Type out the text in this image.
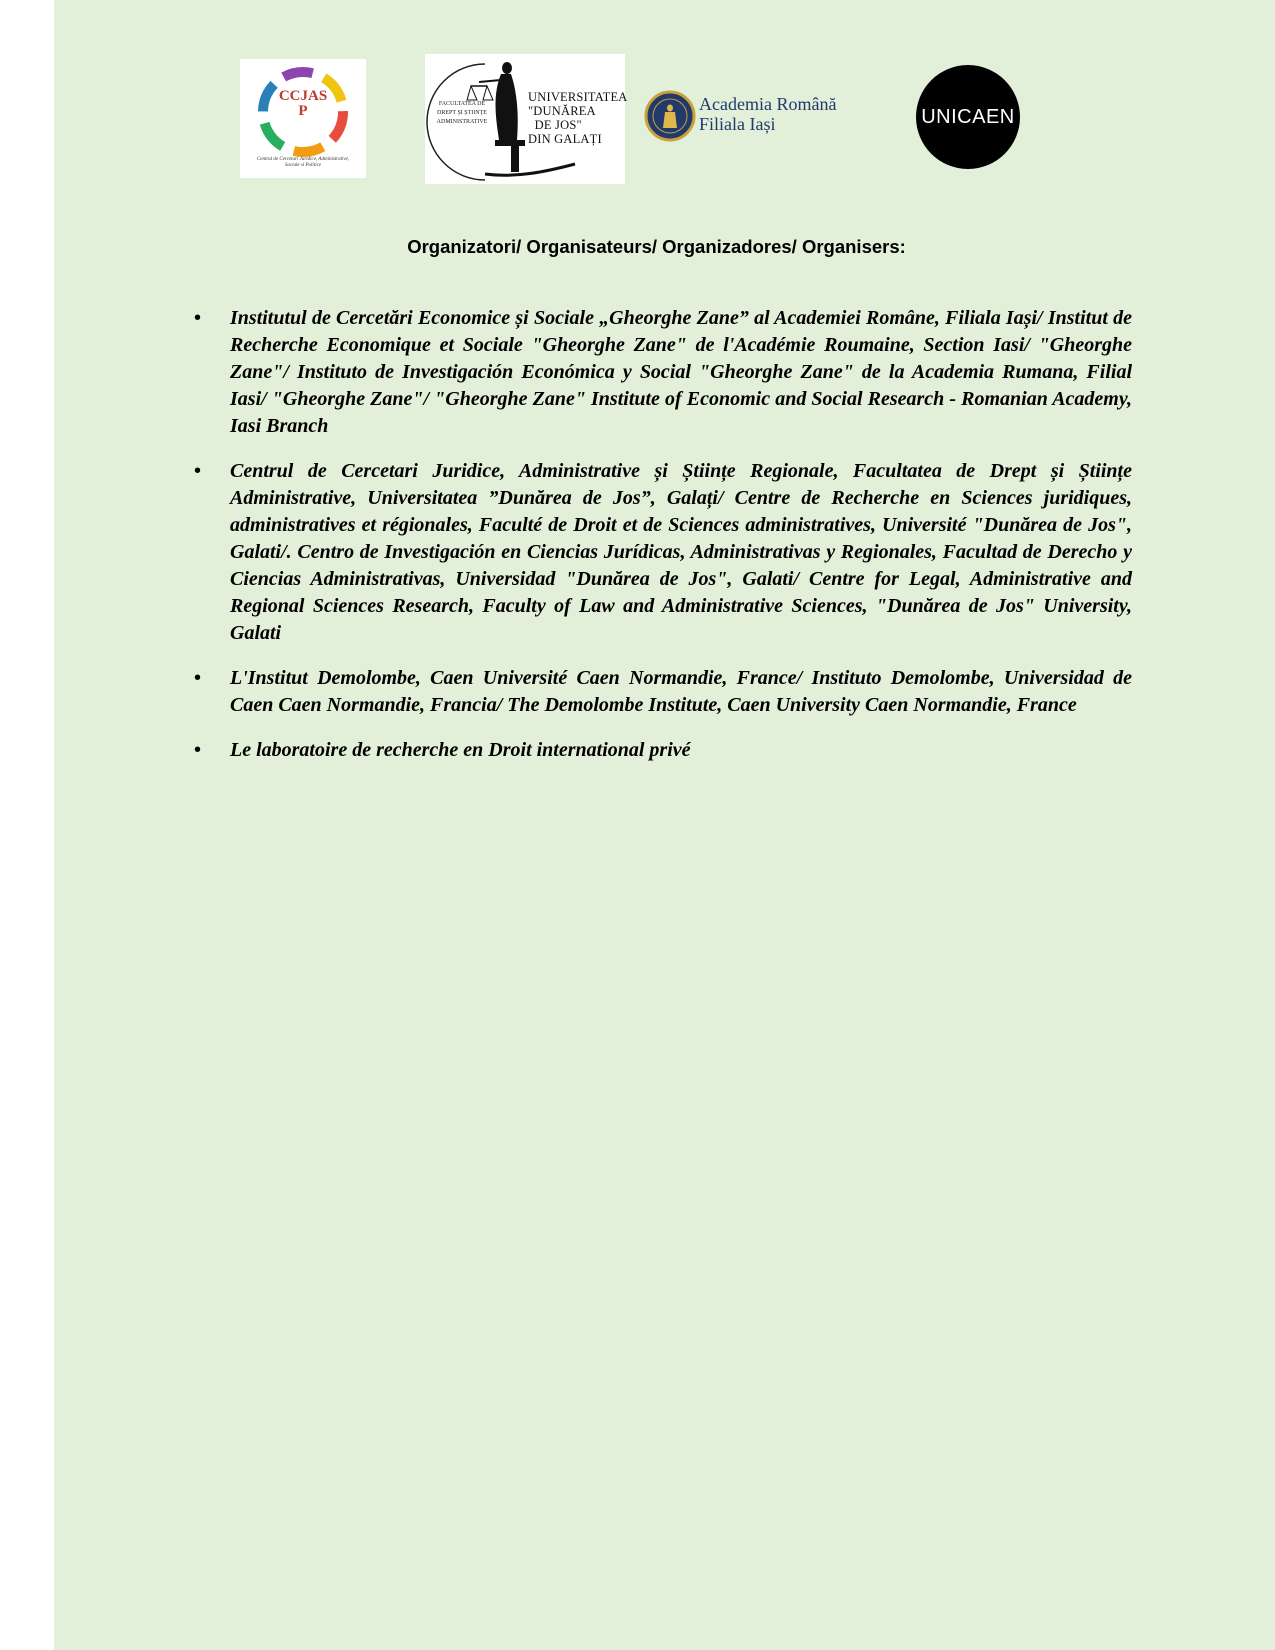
CCJASP
Centrul de Cercetari Juridice, Administrative, Sociale si Politice
FACULTATEA DE DREPT ȘI ȘTIINȚE ADMINISTRATIVE
UNIVERSITATEA
"DUNĂREA
DE JOS"
DIN GALAȚI
Academia Română
Filiala Iași	UNICAEN
Organizatori/ Organisateurs/ Organizadores/ Organisers:
• Institutul de Cercetări Economice și Sociale „Gheorghe Zane” al Academiei Române, Filiala Iași/ Institut de Recherche Economique et Sociale "Gheorghe Zane" de l'Académie Roumaine, Section Iasi/ "Gheorghe Zane"/ Instituto de Investigación Económica y Social "Gheorghe Zane" de la Academia Rumana, Filial Iasi/ "Gheorghe Zane"/ "Gheorghe Zane" Institute of Economic and Social Research - Romanian Academy, Iasi Branch
• Centrul de Cercetari Juridice, Administrative și Științe Regionale, Facultatea de Drept și Științe Administrative, Universitatea ”Dunărea de Jos”, Galați/ Centre de Recherche en Sciences juridiques, administratives et régionales, Faculté de Droit et de Sciences administratives, Université "Dunărea de Jos", Galati/. Centro de Investigación en Ciencias Jurídicas, Administrativas y Regionales, Facultad de Derecho y Ciencias Administrativas, Universidad "Dunărea de Jos", Galati/ Centre for Legal, Administrative and Regional Sciences Research, Faculty of Law and Administrative Sciences, "Dunărea de Jos" University, Galati
• L'Institut Demolombe, Caen Université Caen Normandie, France/ Instituto Demolombe, Universidad de Caen Caen Normandie, Francia/ The Demolombe Institute, Caen University Caen Normandie, France
• Le laboratoire de recherche en Droit international privé
